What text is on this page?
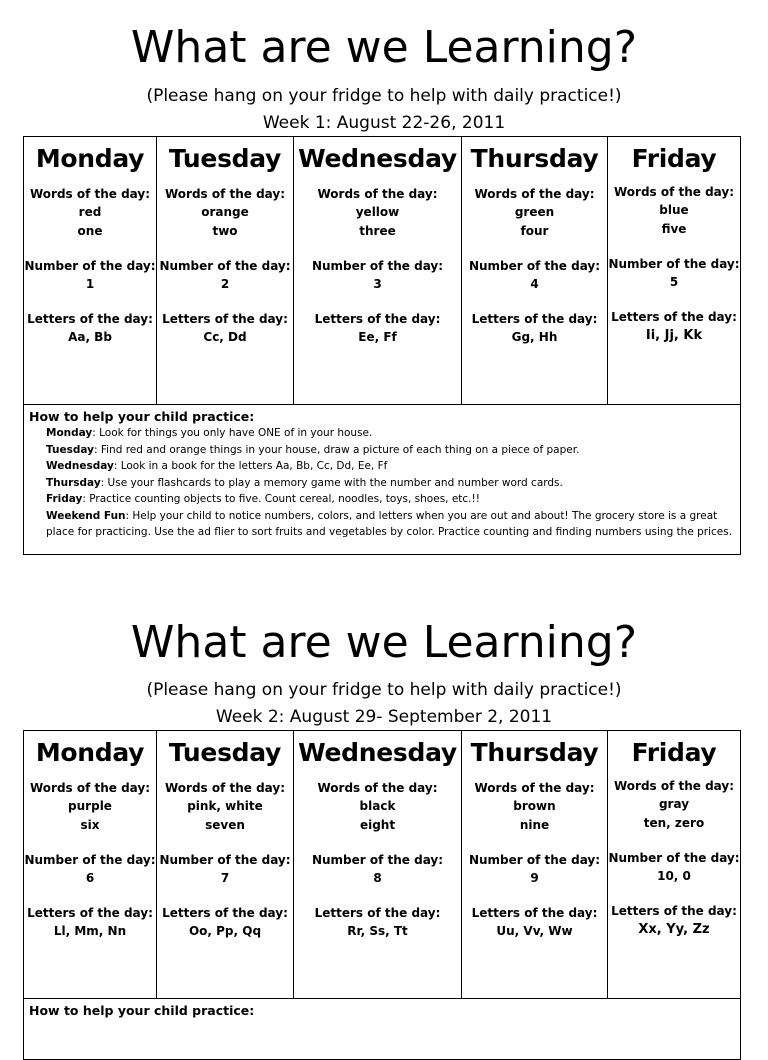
What are we Learning?
(Please hang on your fridge to help with daily practice!)
Week 1: August 22-26, 2011
Monday
Words of the day:
red
one
Number of the day:
1
Letters of the day:
Aa, Bb
Tuesday
Words of the day:
orange
two
Number of the day:
2
Letters of the day:
Cc, Dd
Wednesday
Words of the day:
yellow
three
Number of the day:
3
Letters of the day:
Ee, Ff
Thursday
Words of the day:
green
four
Number of the day:
4
Letters of the day:
Gg, Hh
Friday
Words of the day:
blue
five
Number of the day:
5
Letters of the day:
Ii, Jj, Kk
How to help your child practice:
Monday: Look for things you only have ONE of in your house.
Tuesday: Find red and orange things in your house, draw a picture of each thing on a piece of paper.
Wednesday: Look in a book for the letters Aa, Bb, Cc, Dd, Ee, Ff
Thursday: Use your flashcards to play a memory game with the number and number word cards.
Friday: Practice counting objects to five. Count cereal, noodles, toys, shoes, etc.!!
Weekend Fun: Help your child to notice numbers, colors, and letters when you are out and about! The grocery store is a great place for practicing. Use the ad flier to sort fruits and vegetables by color. Practice counting and finding numbers using the prices.
What are we Learning?
(Please hang on your fridge to help with daily practice!)
Week 2: August 29- September 2, 2011
Monday
Words of the day:
purple
six
Number of the day:
6
Letters of the day:
Ll, Mm, Nn
Tuesday
Words of the day:
pink, white
seven
Number of the day:
7
Letters of the day:
Oo, Pp, Qq
Wednesday
Words of the day:
black
eight
Number of the day:
8
Letters of the day:
Rr, Ss, Tt
Thursday
Words of the day:
brown
nine
Number of the day:
9
Letters of the day:
Uu, Vv, Ww
Friday
Words of the day:
gray
ten, zero
Number of the day:
10, 0
Letters of the day:
Xx, Yy, Zz
How to help your child practice:
